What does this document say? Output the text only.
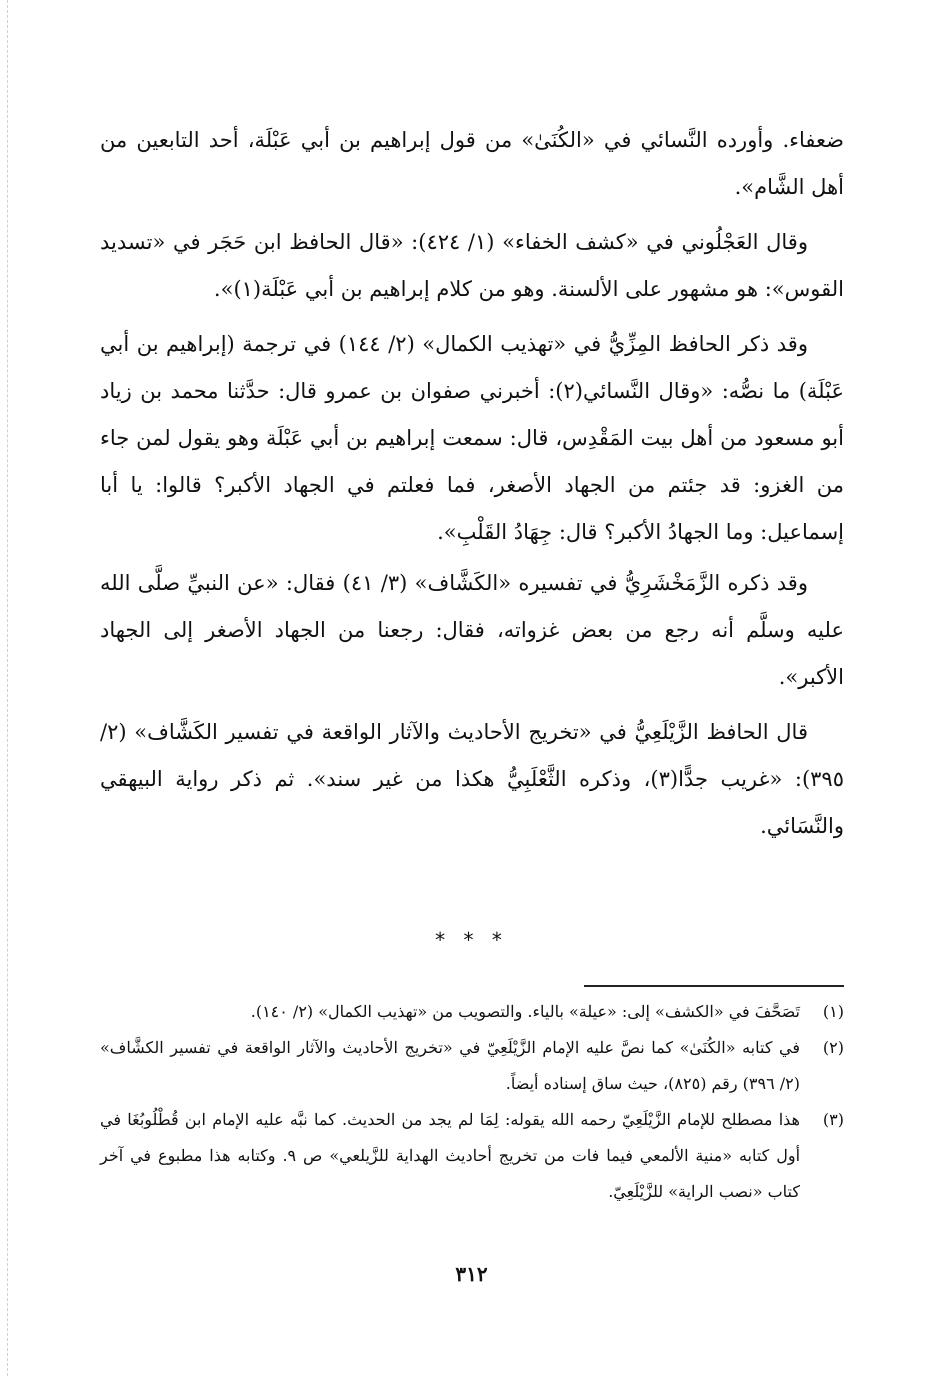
ضعفاء. وأورده النَّسائي في «الكُنَىٰ» من قول إبراهيم بن أبي عَبْلَة، أحد التابعين من أهل الشَّام».

وقال العَجْلُوني في «كشف الخفاء» (١/ ٤٢٤): «قال الحافظ ابن حَجَر في «تسديد القوس»: هو مشهور على الألسنة. وهو من كلام إبراهيم بن أبي عَبْلَة(١)».

وقد ذكر الحافظ المِزِّيُّ في «تهذيب الكمال» (٢/ ١٤٤) في ترجمة (إبراهيم بن أبي عَبْلَة) ما نصُّه: «وقال النَّسائي(٢): أخبرني صفوان بن عمرو قال: حدَّثنا محمد بن زياد أبو مسعود من أهل بيت المَقْدِس، قال: سمعت إبراهيم بن أبي عَبْلَة وهو يقول لمن جاء من الغزو: قد جئتم من الجهاد الأصغر، فما فعلتم في الجهاد الأكبر؟ قالوا: يا أبا إسماعيل: وما الجهادُ الأكبر؟ قال: جِهَادُ القَلْبِ».

وقد ذكره الزَّمَخْشَرِيُّ في تفسيره «الكَشَّاف» (٣/ ٤١) فقال: «عن النبيِّ صلَّى الله عليه وسلَّم أنه رجع من بعض غزواته، فقال: رجعنا من الجهاد الأصغر إلى الجهاد الأكبر».

قال الحافظ الزَّيْلَعِيُّ في «تخريج الأحاديث والآثار الواقعة في تفسير الكَشَّاف» (٢/ ٣٩٥): «غريب جدًّا(٣)، وذكره الثَّعْلَبِيُّ هكذا من غير سند». ثم ذكر رواية البيهقي والنَّسَائي.

* * *
(١)
تَصَحَّفَ في «الكشف» إلى: «عيلة» بالياء. والتصويب من «تهذيب الكمال» (٢/ ١٤٠).
(٢)
في كتابه «الكُنَىٰ» كما نصَّ عليه الإمام الزَّيْلَعِيّ في «تخريج الأحاديث والآثار الواقعة في تفسير الكشَّاف» (٢/ ٣٩٦) رقم (٨٢٥)، حيث ساق إسناده أيضاً.
(٣)
هذا مصطلح للإمام الزَّيْلَعِيّ رحمه الله يقوله: لِمَا لم يجد من الحديث. كما نبَّه عليه الإمام ابن قُطْلُوبُغَا في أول كتابه «منية الألمعي فيما فات من تخريج أحاديث الهداية للزَّيلعي» ص ٩. وكتابه هذا مطبوع في آخر كتاب «نصب الراية» للزَّيْلَعِيّ.
٣١٢
